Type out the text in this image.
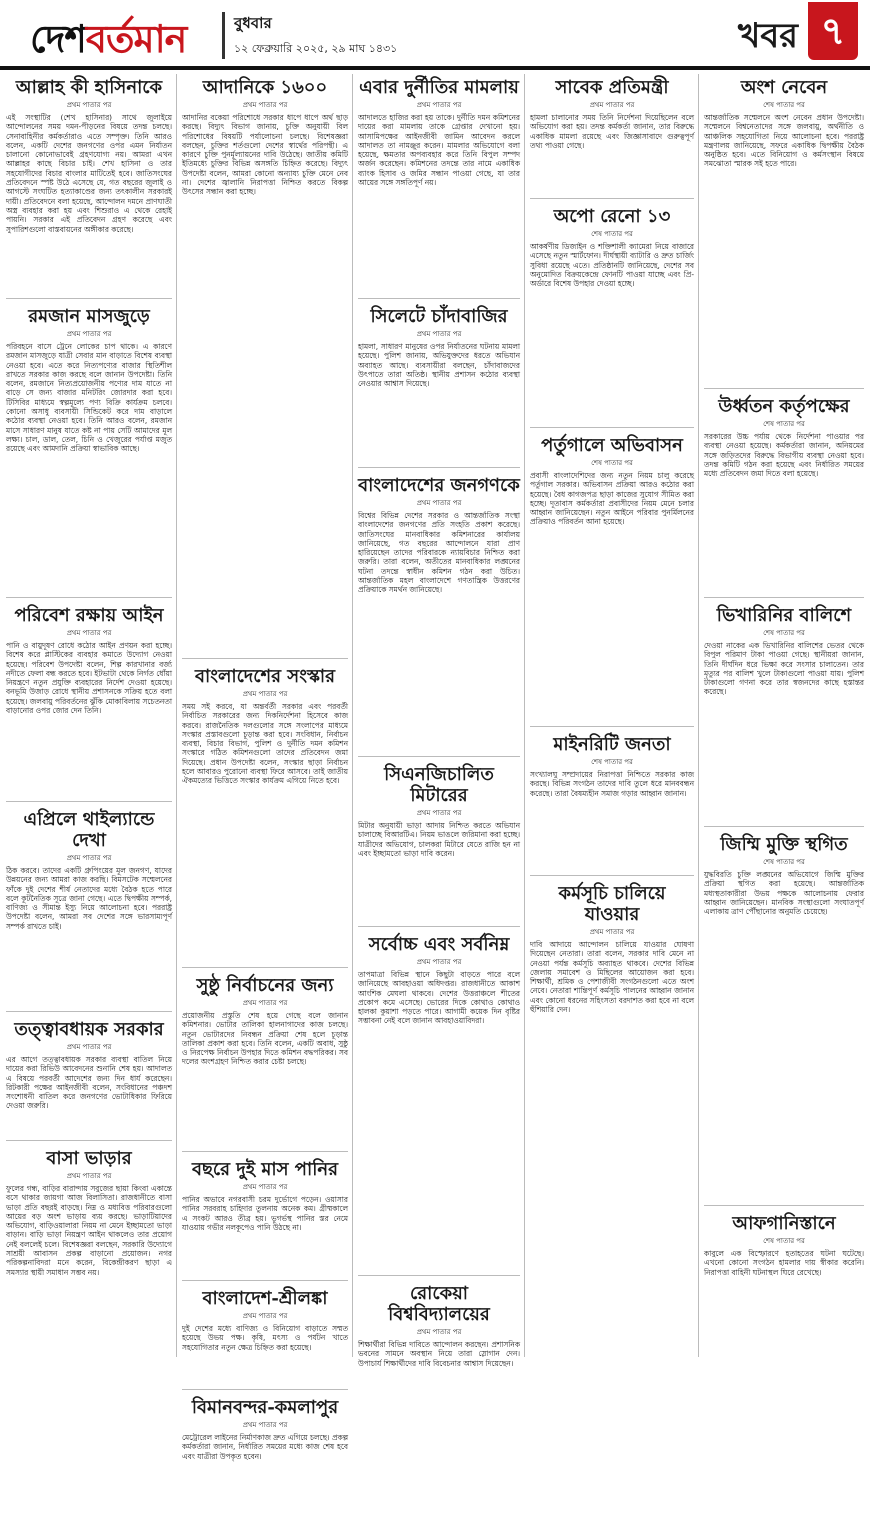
দেশবর্তমান	বুধবার
১২ ফেব্রুয়ারি ২০২৫, ২৯ মাঘ ১৪৩১	খবর ৭
আল্লাহ কী হাসিনাকে
প্রথম পাতার পর

এই সংস্থাটির (শেখ হাসিনার) সাথে জুলাইয়ে আন্দোলনের সময় দমন-পীড়নের বিষয়ে তদন্ত চলছে। সেনাবাহিনীর কর্মকর্তারাও এতে সম্পৃক্ত। তিনি আরও বলেন, একটি দেশের জনগণের ওপর এমন নির্যাতন চালানো কোনোভাবেই গ্রহণযোগ্য নয়। আমরা এখন আল্লাহর কাছে বিচার চাই। শেখ হাসিনা ও তার সহযোগীদের বিচার বাংলার মাটিতেই হবে। জাতিসংঘের প্রতিবেদনে স্পষ্ট উঠে এসেছে যে, গত বছরের জুলাই ও আগস্টে সংঘটিত হত্যাকাণ্ডের জন্য তৎকালীন সরকারই দায়ী। প্রতিবেদনে বলা হয়েছে, আন্দোলন দমনে প্রাণঘাতী অস্ত্র ব্যবহার করা হয় এবং শিশুরাও এ থেকে রেহাই পায়নি। সরকার এই প্রতিবেদন গ্রহণ করেছে এবং সুপারিশগুলো বাস্তবায়নের অঙ্গীকার করেছে।

রমজান মাসজুড়ে
প্রথম পাতার পর

পরিবহনে বাসে ট্রেনে লোকের চাপ থাকে। এ কারণে রমজান মাসজুড়ে যাত্রী সেবার মান বাড়াতে বিশেষ ব্যবস্থা নেওয়া হবে। এতে করে নিত্যপণ্যের বাজার স্থিতিশীল রাখতে সরকার কাজ করছে বলে জানান উপদেষ্টা। তিনি বলেন, রমজানে নিত্যপ্রয়োজনীয় পণ্যের দাম যাতে না বাড়ে সে জন্য বাজার মনিটরিং জোরদার করা হবে। টিসিবির মাধ্যমে স্বল্পমূল্যে পণ্য বিক্রি কার্যক্রম চলবে। কোনো অসাধু ব্যবসায়ী সিন্ডিকেট করে দাম বাড়ালে কঠোর ব্যবস্থা নেওয়া হবে। তিনি আরও বলেন, রমজান মাসে সাধারণ মানুষ যাতে কষ্ট না পায় সেটি আমাদের মূল লক্ষ্য। চাল, ডাল, তেল, চিনি ও খেজুরের পর্যাপ্ত মজুত রয়েছে এবং আমদানি প্রক্রিয়া স্বাভাবিক আছে।

পরিবেশ রক্ষায় আইন
প্রথম পাতার পর

পানি ও বায়ুদূষণ রোধে কঠোর আইন প্রণয়ন করা হচ্ছে। বিশেষ করে প্লাস্টিকের ব্যবহার কমাতে উদ্যোগ নেওয়া হয়েছে। পরিবেশ উপদেষ্টা বলেন, শিল্প কারখানার বর্জ্য নদীতে ফেলা বন্ধ করতে হবে। ইটভাটা থেকে নির্গত ধোঁয়া নিয়ন্ত্রণে নতুন প্রযুক্তি ব্যবহারের নির্দেশ দেওয়া হয়েছে। বনভূমি উজাড় রোধে স্থানীয় প্রশাসনকে সক্রিয় হতে বলা হয়েছে। জলবায়ু পরিবর্তনের ঝুঁকি মোকাবিলায় সচেতনতা বাড়ানোর ওপর জোর দেন তিনি।

এপ্রিলে থাইল্যান্ডে দেখা
প্রথম পাতার পর

ঠিক করবে। তাদের একটি গ্রুপিংয়ের মূল জনগণ, যাদের উন্নয়নের জন্য আমরা কাজ করছি। বিমসটেক সম্মেলনের ফাঁকে দুই দেশের শীর্ষ নেতাদের মধ্যে বৈঠক হতে পারে বলে কূটনৈতিক সূত্রে জানা গেছে। এতে দ্বিপক্ষীয় সম্পর্ক, বাণিজ্য ও সীমান্ত ইস্যু নিয়ে আলোচনা হবে। পররাষ্ট্র উপদেষ্টা বলেন, আমরা সব দেশের সঙ্গে ভারসাম্যপূর্ণ সম্পর্ক রাখতে চাই।

তত্ত্বাবধায়ক সরকার
প্রথম পাতার পর

এর আগে তত্ত্বাবধায়ক সরকার ব্যবস্থা বাতিল নিয়ে দায়ের করা রিভিউ আবেদনের শুনানি শেষ হয়। আদালত এ বিষয়ে পরবর্তী আদেশের জন্য দিন ধার্য করেছেন। রিটকারী পক্ষের আইনজীবী বলেন, সংবিধানের পঞ্চদশ সংশোধনী বাতিল করে জনগণের ভোটাধিকার ফিরিয়ে দেওয়া জরুরি।

বাসা ভাড়ার
প্রথম পাতার পর

ফুলের গন্ধ, বাড়ির বারান্দায় সবুজের ছায়া কিংবা একান্তে বসে থাকার জায়গা আজ বিলাসিতা। রাজধানীতে বাসা ভাড়া প্রতি বছরই বাড়ছে। নিম্ন ও মধ্যবিত্ত পরিবারগুলো আয়ের বড় অংশ ভাড়ায় ব্যয় করছে। ভাড়াটিয়াদের অভিযোগ, বাড়িওয়ালারা নিয়ম না মেনে ইচ্ছামতো ভাড়া বাড়ান। বাড়ি ভাড়া নিয়ন্ত্রণ আইন থাকলেও তার প্রয়োগ নেই বললেই চলে। বিশেষজ্ঞরা বলছেন, সরকারি উদ্যোগে সাশ্রয়ী আবাসন প্রকল্প বাড়ানো প্রয়োজন। নগর পরিকল্পনাবিদরা মনে করেন, বিকেন্দ্রীকরণ ছাড়া এ সমস্যার স্থায়ী সমাধান সম্ভব নয়।

আদানিকে ১৬০০
প্রথম পাতার পর

আদানির বকেয়া পরিশোধে সরকার ধাপে ধাপে অর্থ ছাড় করছে। বিদ্যুৎ বিভাগ জানায়, চুক্তি অনুযায়ী বিল পরিশোধের বিষয়টি পর্যালোচনা চলছে। বিশেষজ্ঞরা বলছেন, চুক্তির শর্তগুলো দেশের স্বার্থের পরিপন্থী। এ কারণে চুক্তি পুনর্মূল্যায়নের দাবি উঠেছে। জাতীয় কমিটি ইতিমধ্যে চুক্তির বিভিন্ন অসঙ্গতি চিহ্নিত করেছে। বিদ্যুৎ উপদেষ্টা বলেন, আমরা কোনো অন্যায্য চুক্তি মেনে নেব না। দেশের জ্বালানি নিরাপত্তা নিশ্চিত করতে বিকল্প উৎসের সন্ধান করা হচ্ছে।

বাংলাদেশের সংস্কার
প্রথম পাতার পর

সময় সই করবে, যা অন্তর্বর্তী সরকার এবং পরবর্তী নির্বাচিত সরকারের জন্য দিকনির্দেশনা হিসেবে কাজ করবে। রাজনৈতিক দলগুলোর সঙ্গে সংলাপের মাধ্যমে সংস্কার প্রস্তাবগুলো চূড়ান্ত করা হবে। সংবিধান, নির্বাচন ব্যবস্থা, বিচার বিভাগ, পুলিশ ও দুর্নীতি দমন কমিশন সংস্কারে গঠিত কমিশনগুলো তাদের প্রতিবেদন জমা দিয়েছে। প্রধান উপদেষ্টা বলেন, সংস্কার ছাড়া নির্বাচন হলে আবারও পুরোনো ব্যবস্থা ফিরে আসবে। তাই জাতীয় ঐকমত্যের ভিত্তিতে সংস্কার কার্যক্রম এগিয়ে নিতে হবে।

সুষ্ঠু নির্বাচনের জন্য
প্রথম পাতার পর

প্রয়োজনীয় প্রস্তুতি শেষ হয়ে গেছে বলে জানান কমিশনার। ভোটার তালিকা হালনাগাদের কাজ চলছে। নতুন ভোটারদের নিবন্ধন প্রক্রিয়া শেষ হলে চূড়ান্ত তালিকা প্রকাশ করা হবে। তিনি বলেন, একটি অবাধ, সুষ্ঠু ও নিরপেক্ষ নির্বাচন উপহার দিতে কমিশন বদ্ধপরিকর। সব দলের অংশগ্রহণ নিশ্চিত করার চেষ্টা চলছে।

বছরে দুই মাস পানির
প্রথম পাতার পর

পানির অভাবে নগরবাসী চরম দুর্ভোগে পড়েন। ওয়াসার পানির সরবরাহ চাহিদার তুলনায় অনেক কম। গ্রীষ্মকালে এ সংকট আরও তীব্র হয়। ভূগর্ভস্থ পানির স্তর নেমে যাওয়ায় গভীর নলকূপেও পানি উঠছে না।

বাংলাদেশ-শ্রীলঙ্কা
প্রথম পাতার পর

দুই দেশের মধ্যে বাণিজ্য ও বিনিয়োগ বাড়াতে সম্মত হয়েছে উভয় পক্ষ। কৃষি, মৎস্য ও পর্যটন খাতে সহযোগিতার নতুন ক্ষেত্র চিহ্নিত করা হয়েছে।

বিমানবন্দর-কমলাপুর
প্রথম পাতার পর

মেট্রোরেল লাইনের নির্মাণকাজ দ্রুত এগিয়ে চলছে। প্রকল্প কর্মকর্তারা জানান, নির্ধারিত সময়ের মধ্যে কাজ শেষ হবে এবং যাত্রীরা উপকৃত হবেন।

এবার দুর্নীতির মামলায়
প্রথম পাতার পর

আদালতে হাজির করা হয় তাকে। দুর্নীতি দমন কমিশনের দায়ের করা মামলায় তাকে গ্রেপ্তার দেখানো হয়। আসামিপক্ষের আইনজীবী জামিন আবেদন করলে আদালত তা নামঞ্জুর করেন। মামলার অভিযোগে বলা হয়েছে, ক্ষমতার অপব্যবহার করে তিনি বিপুল সম্পদ অর্জন করেছেন। কমিশনের তদন্তে তার নামে একাধিক ব্যাংক হিসাব ও জমির সন্ধান পাওয়া গেছে, যা তার আয়ের সঙ্গে সঙ্গতিপূর্ণ নয়।

সিলেটে চাঁদাবাজির
প্রথম পাতার পর

হামলা, সাধারণ মানুষের ওপর নির্যাতনের ঘটনায় মামলা হয়েছে। পুলিশ জানায়, অভিযুক্তদের ধরতে অভিযান অব্যাহত আছে। ব্যবসায়ীরা বলছেন, চাঁদাবাজদের উৎপাতে তারা অতিষ্ঠ। স্থানীয় প্রশাসন কঠোর ব্যবস্থা নেওয়ার আশ্বাস দিয়েছে।

বাংলাদেশের জনগণকে
প্রথম পাতার পর

বিশ্বের বিভিন্ন দেশের সরকার ও আন্তর্জাতিক সংস্থা বাংলাদেশের জনগণের প্রতি সংহতি প্রকাশ করেছে। জাতিসংঘের মানবাধিকার কমিশনারের কার্যালয় জানিয়েছে, গত বছরের আন্দোলনে যারা প্রাণ হারিয়েছেন তাদের পরিবারকে ন্যায়বিচার নিশ্চিত করা জরুরি। তারা বলেন, অতীতের মানবাধিকার লঙ্ঘনের ঘটনা তদন্তে স্বাধীন কমিশন গঠন করা উচিত। আন্তর্জাতিক মহল বাংলাদেশে গণতান্ত্রিক উত্তরণের প্রক্রিয়াকে সমর্থন জানিয়েছে।

সিএনজিচালিত মিটারের
প্রথম পাতার পর

মিটার অনুযায়ী ভাড়া আদায় নিশ্চিত করতে অভিযান চালাচ্ছে বিআরটিএ। নিয়ম ভাঙলে জরিমানা করা হচ্ছে। যাত্রীদের অভিযোগ, চালকরা মিটারে যেতে রাজি হন না এবং ইচ্ছামতো ভাড়া দাবি করেন।

সর্বোচ্চ এবং সর্বনিম্ন
প্রথম পাতার পর

তাপমাত্রা বিভিন্ন স্থানে কিছুটা বাড়তে পারে বলে জানিয়েছে আবহাওয়া অধিদপ্তর। রাজধানীতে আকাশ আংশিক মেঘলা থাকবে। দেশের উত্তরাঞ্চলে শীতের প্রকোপ কমে এসেছে। ভোরের দিকে কোথাও কোথাও হালকা কুয়াশা পড়তে পারে। আগামী কয়েক দিন বৃষ্টির সম্ভাবনা নেই বলে জানান আবহাওয়াবিদরা।

রোকেয়া বিশ্ববিদ্যালয়ের
প্রথম পাতার পর

শিক্ষার্থীরা বিভিন্ন দাবিতে আন্দোলন করছেন। প্রশাসনিক ভবনের সামনে অবস্থান নিয়ে তারা স্লোগান দেন। উপাচার্য শিক্ষার্থীদের দাবি বিবেচনার আশ্বাস দিয়েছেন।

সাবেক প্রতিমন্ত্রী
প্রথম পাতার পর

হামলা চালানোর সময় তিনি নির্দেশনা দিয়েছিলেন বলে অভিযোগ করা হয়। তদন্ত কর্মকর্তা জানান, তার বিরুদ্ধে একাধিক মামলা রয়েছে এবং জিজ্ঞাসাবাদে গুরুত্বপূর্ণ তথ্য পাওয়া গেছে।

অপো রেনো ১৩
শেষ পাতার পর

আকর্ষণীয় ডিজাইন ও শক্তিশালী ক্যামেরা নিয়ে বাজারে এসেছে নতুন স্মার্টফোন। দীর্ঘস্থায়ী ব্যাটারি ও দ্রুত চার্জিং সুবিধা রয়েছে এতে। প্রতিষ্ঠানটি জানিয়েছে, দেশের সব অনুমোদিত বিক্রয়কেন্দ্রে ফোনটি পাওয়া যাচ্ছে এবং প্রি-অর্ডারে বিশেষ উপহার দেওয়া হচ্ছে।

পর্তুগালে অভিবাসন
শেষ পাতার পর

প্রবাসী বাংলাদেশিদের জন্য নতুন নিয়ম চালু করেছে পর্তুগাল সরকার। অভিবাসন প্রক্রিয়া আরও কঠোর করা হয়েছে। বৈধ কাগজপত্র ছাড়া কাজের সুযোগ সীমিত করা হচ্ছে। দূতাবাস কর্মকর্তারা প্রবাসীদের নিয়ম মেনে চলার আহ্বান জানিয়েছেন। নতুন আইনে পরিবার পুনর্মিলনের প্রক্রিয়াও পরিবর্তন আনা হয়েছে।

মাইনরিটি জনতা
শেষ পাতার পর

সংখ্যালঘু সম্প্রদায়ের নিরাপত্তা নিশ্চিতে সরকার কাজ করছে। বিভিন্ন সংগঠন তাদের দাবি তুলে ধরে মানববন্ধন করেছে। তারা বৈষম্যহীন সমাজ গড়ার আহ্বান জানান।

কর্মসূচি চালিয়ে যাওয়ার
প্রথম পাতার পর

দাবি আদায়ে আন্দোলন চালিয়ে যাওয়ার ঘোষণা দিয়েছেন নেতারা। তারা বলেন, সরকার দাবি মেনে না নেওয়া পর্যন্ত কর্মসূচি অব্যাহত থাকবে। দেশের বিভিন্ন জেলায় সমাবেশ ও মিছিলের আয়োজন করা হবে। শিক্ষার্থী, শ্রমিক ও পেশাজীবী সংগঠনগুলো এতে অংশ নেবে। নেতারা শান্তিপূর্ণ কর্মসূচি পালনের আহ্বান জানান এবং কোনো ধরনের সহিংসতা বরদাশত করা হবে না বলে হুঁশিয়ারি দেন।

অংশ নেবেন
শেষ পাতার পর

আন্তর্জাতিক সম্মেলনে অংশ নেবেন প্রধান উপদেষ্টা। সম্মেলনে বিশ্বনেতাদের সঙ্গে জলবায়ু, অর্থনীতি ও আঞ্চলিক সহযোগিতা নিয়ে আলোচনা হবে। পররাষ্ট্র মন্ত্রণালয় জানিয়েছে, সফরে একাধিক দ্বিপক্ষীয় বৈঠক অনুষ্ঠিত হবে। এতে বিনিয়োগ ও কর্মসংস্থান বিষয়ে সমঝোতা স্মারক সই হতে পারে।

উর্ধ্বতন কর্তৃপক্ষের
শেষ পাতার পর

সরকারের উচ্চ পর্যায় থেকে নির্দেশনা পাওয়ার পর ব্যবস্থা নেওয়া হয়েছে। কর্মকর্তারা জানান, অনিয়মের সঙ্গে জড়িতদের বিরুদ্ধে বিভাগীয় ব্যবস্থা নেওয়া হবে। তদন্ত কমিটি গঠন করা হয়েছে এবং নির্ধারিত সময়ের মধ্যে প্রতিবেদন জমা দিতে বলা হয়েছে।

ভিখারিনির বালিশে
শেষ পাতার পর

দেওয়া নাকের এক ভিখারিনির বালিশের ভেতর থেকে বিপুল পরিমাণ টাকা পাওয়া গেছে। স্থানীয়রা জানান, তিনি দীর্ঘদিন ধরে ভিক্ষা করে সংসার চালাতেন। তার মৃত্যুর পর বালিশ খুলে টাকাগুলো পাওয়া যায়। পুলিশ টাকাগুলো গণনা করে তার স্বজনদের কাছে হস্তান্তর করেছে।

জিম্মি মুক্তি স্থগিত
শেষ পাতার পর

যুদ্ধবিরতি চুক্তি লঙ্ঘনের অভিযোগে জিম্মি মুক্তির প্রক্রিয়া স্থগিত করা হয়েছে। আন্তর্জাতিক মধ্যস্থতাকারীরা উভয় পক্ষকে আলোচনায় ফেরার আহ্বান জানিয়েছেন। মানবিক সংস্থাগুলো সংঘাতপূর্ণ এলাকায় ত্রাণ পৌঁছানোর অনুমতি চেয়েছে।

আফগানিস্তানে
শেষ পাতার পর

কাবুলে এক বিস্ফোরণে হতাহতের ঘটনা ঘটেছে। এখনো কোনো সংগঠন হামলার দায় স্বীকার করেনি। নিরাপত্তা বাহিনী ঘটনাস্থল ঘিরে রেখেছে।
